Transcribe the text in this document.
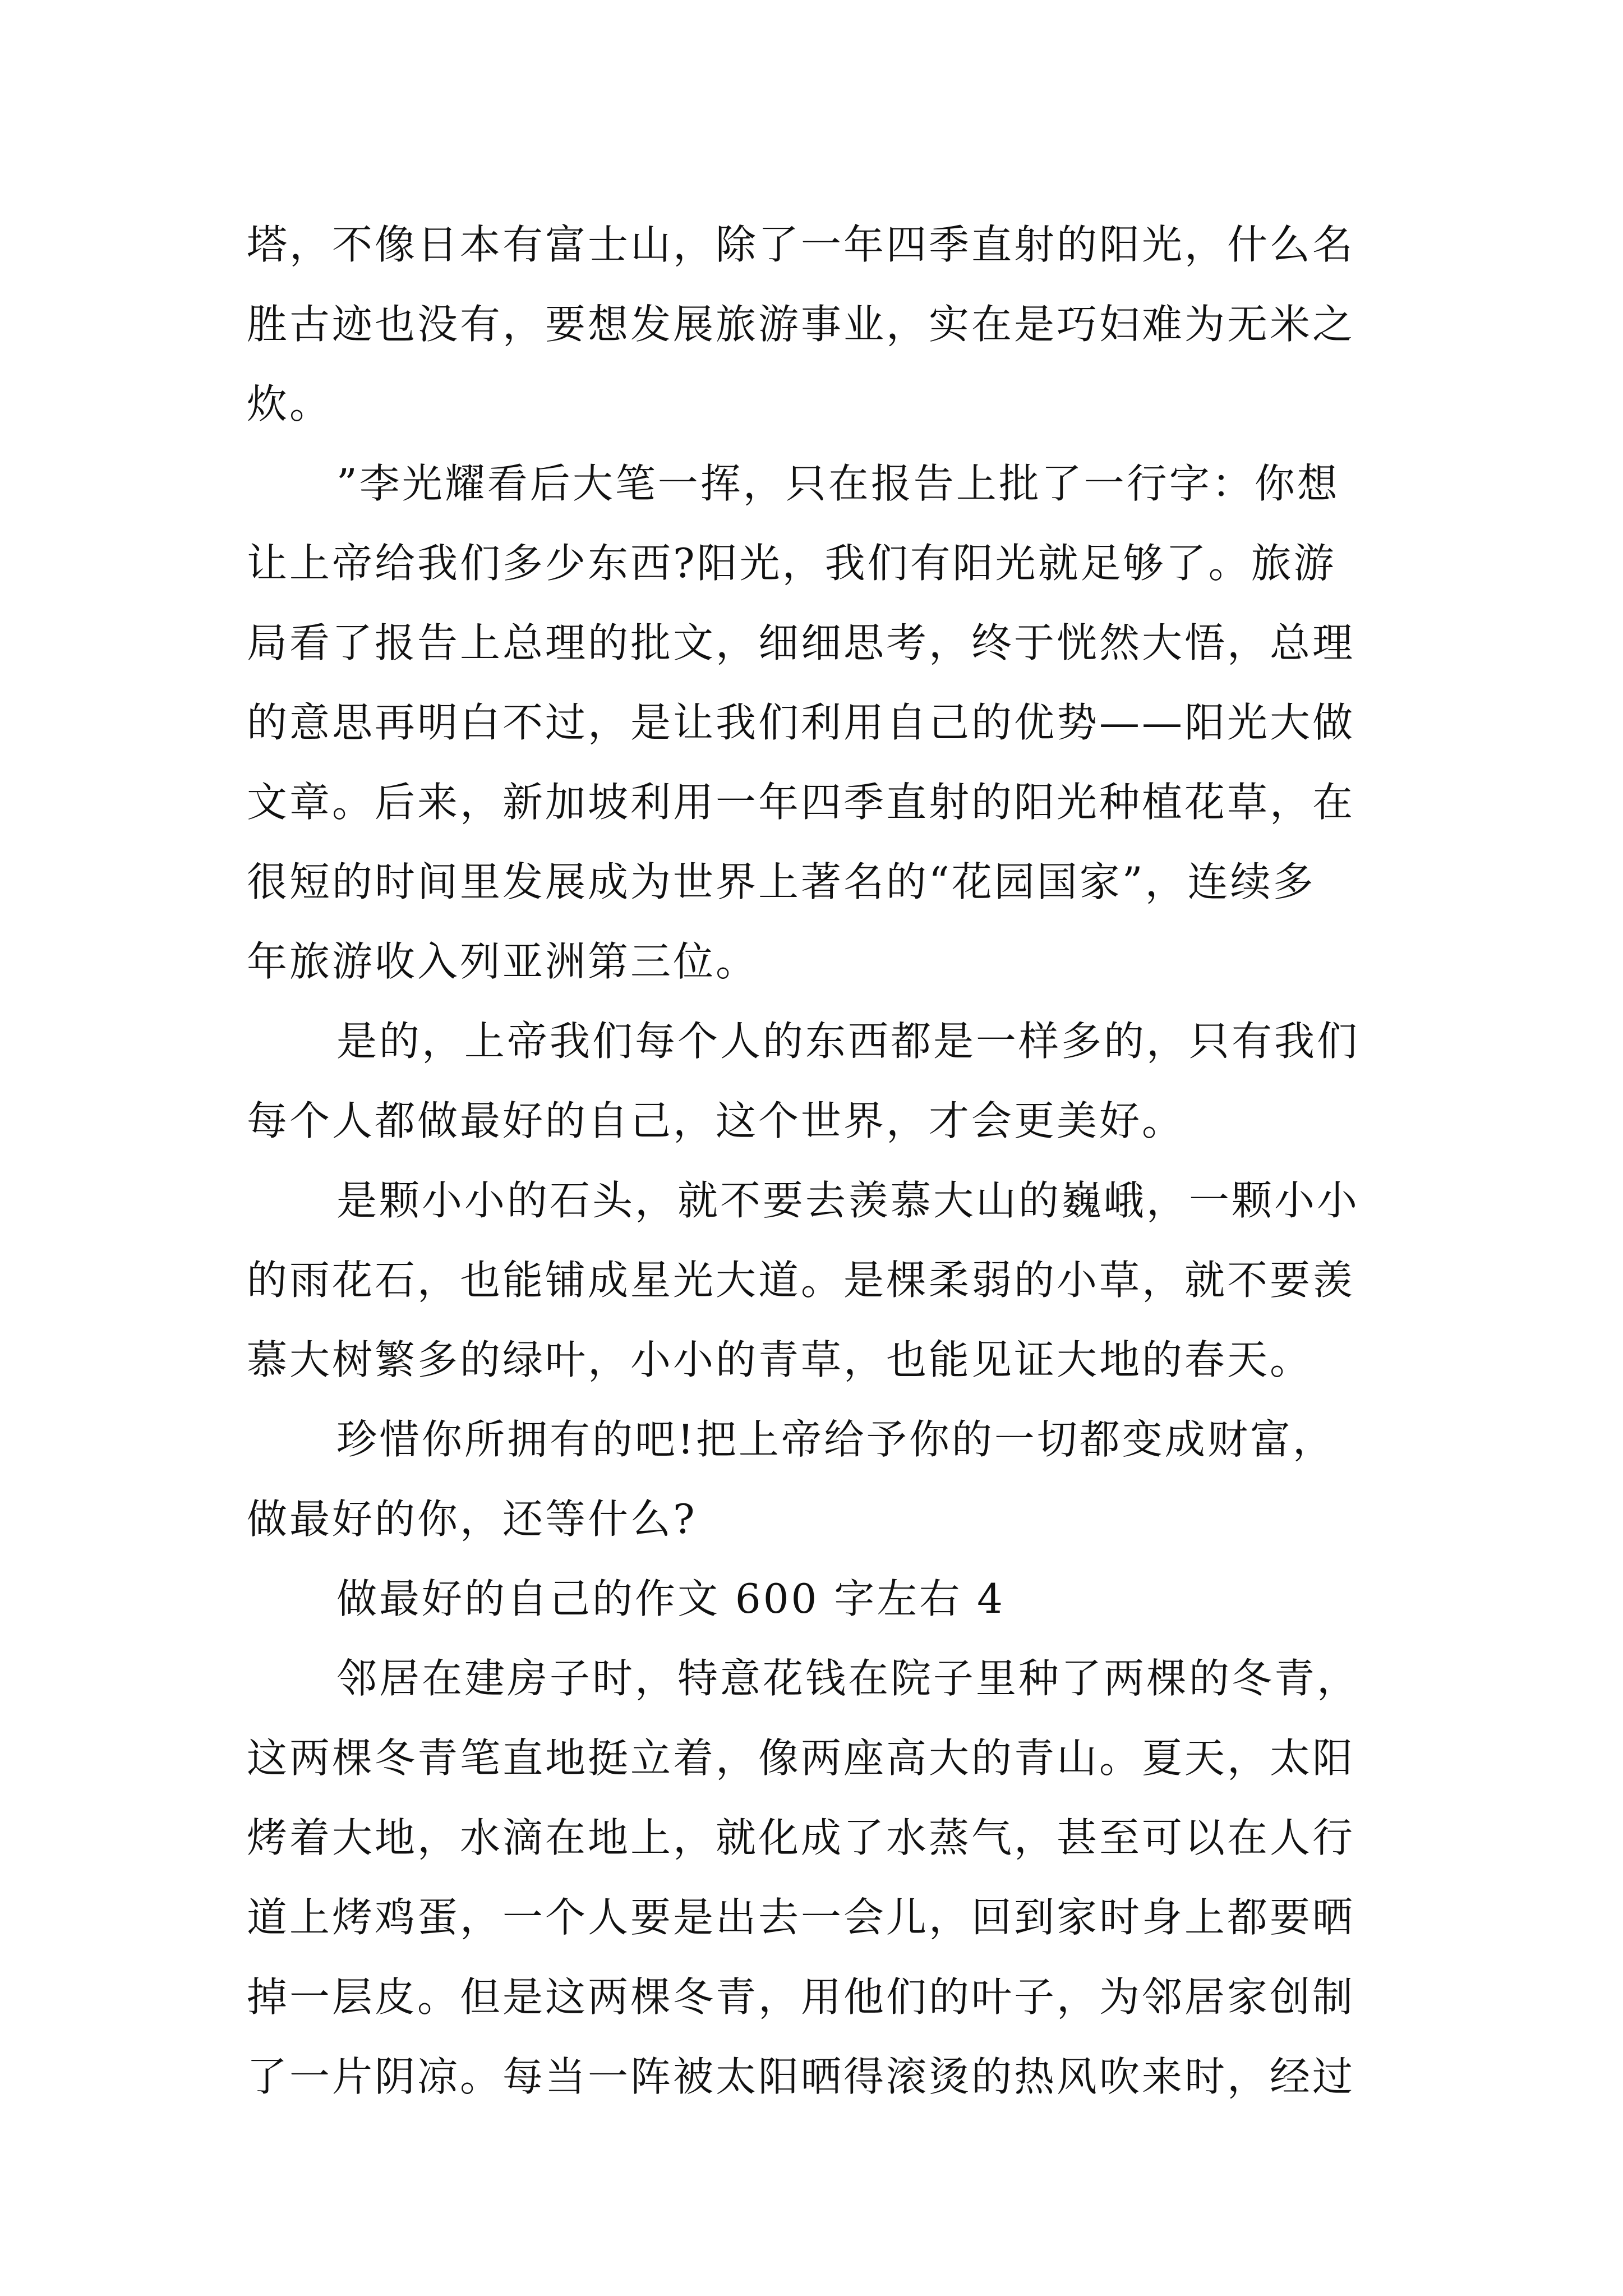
塔，不像日本有富士山，除了一年四季直射的阳光，什么名
胜古迹也没有，要想发展旅游事业，实在是巧妇难为无米之
炊。
”李光耀看后大笔一挥，只在报告上批了一行字：你想
让上帝给我们多少东西?阳光，我们有阳光就足够了。旅游
局看了报告上总理的批文，细细思考，终于恍然大悟，总理
的意思再明白不过，是让我们利用自己的优势——阳光大做
文章。后来，新加坡利用一年四季直射的阳光种植花草，在
很短的时间里发展成为世界上著名的“花园国家”，连续多
年旅游收入列亚洲第三位。
是的，上帝我们每个人的东西都是一样多的，只有我们
每个人都做最好的自己，这个世界，才会更美好。
是颗小小的石头，就不要去羡慕大山的巍峨，一颗小小
的雨花石，也能铺成星光大道。是棵柔弱的小草，就不要羡
慕大树繁多的绿叶，小小的青草，也能见证大地的春天。
珍惜你所拥有的吧!把上帝给予你的一切都变成财富，
做最好的你，还等什么?
做最好的自己的作文 600 字左右 4
邻居在建房子时，特意花钱在院子里种了两棵的冬青，
这两棵冬青笔直地挺立着，像两座高大的青山。夏天，太阳
烤着大地，水滴在地上，就化成了水蒸气，甚至可以在人行
道上烤鸡蛋，一个人要是出去一会儿，回到家时身上都要晒
掉一层皮。但是这两棵冬青，用他们的叶子，为邻居家创制
了一片阴凉。每当一阵被太阳晒得滚烫的热风吹来时，经过
